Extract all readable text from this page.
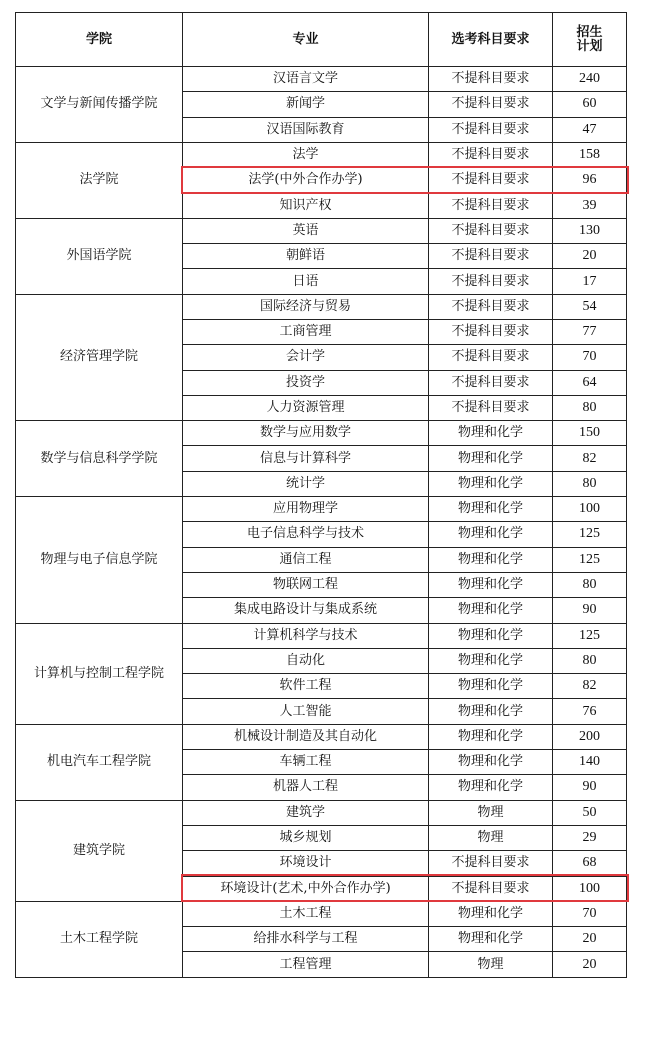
学院	专业	选考科目要求	招生
计划
文学与新闻传播学院	汉语言文学	不提科目要求	240
	新闻学	不提科目要求	60
	汉语国际教育	不提科目要求	47
法学院	法学	不提科目要求	158
	法学(中外合作办学)	不提科目要求	96
	知识产权	不提科目要求	39
外国语学院	英语	不提科目要求	130
	朝鲜语	不提科目要求	20
	日语	不提科目要求	17
经济管理学院	国际经济与贸易	不提科目要求	54
	工商管理	不提科目要求	77
	会计学	不提科目要求	70
	投资学	不提科目要求	64
	人力资源管理	不提科目要求	80
数学与信息科学学院	数学与应用数学	物理和化学	150
	信息与计算科学	物理和化学	82
	统计学	物理和化学	80
物理与电子信息学院	应用物理学	物理和化学	100
	电子信息科学与技术	物理和化学	125
	通信工程	物理和化学	125
	物联网工程	物理和化学	80
	集成电路设计与集成系统	物理和化学	90
计算机与控制工程学院	计算机科学与技术	物理和化学	125
	自动化	物理和化学	80
	软件工程	物理和化学	82
	人工智能	物理和化学	76
机电汽车工程学院	机械设计制造及其自动化	物理和化学	200
	车辆工程	物理和化学	140
	机器人工程	物理和化学	90
建筑学院	建筑学	物理	50
	城乡规划	物理	29
	环境设计	不提科目要求	68
	环境设计(艺术,中外合作办学)	不提科目要求	100
土木工程学院	土木工程	物理和化学	70
	给排水科学与工程	物理和化学	20
	工程管理	物理	20
